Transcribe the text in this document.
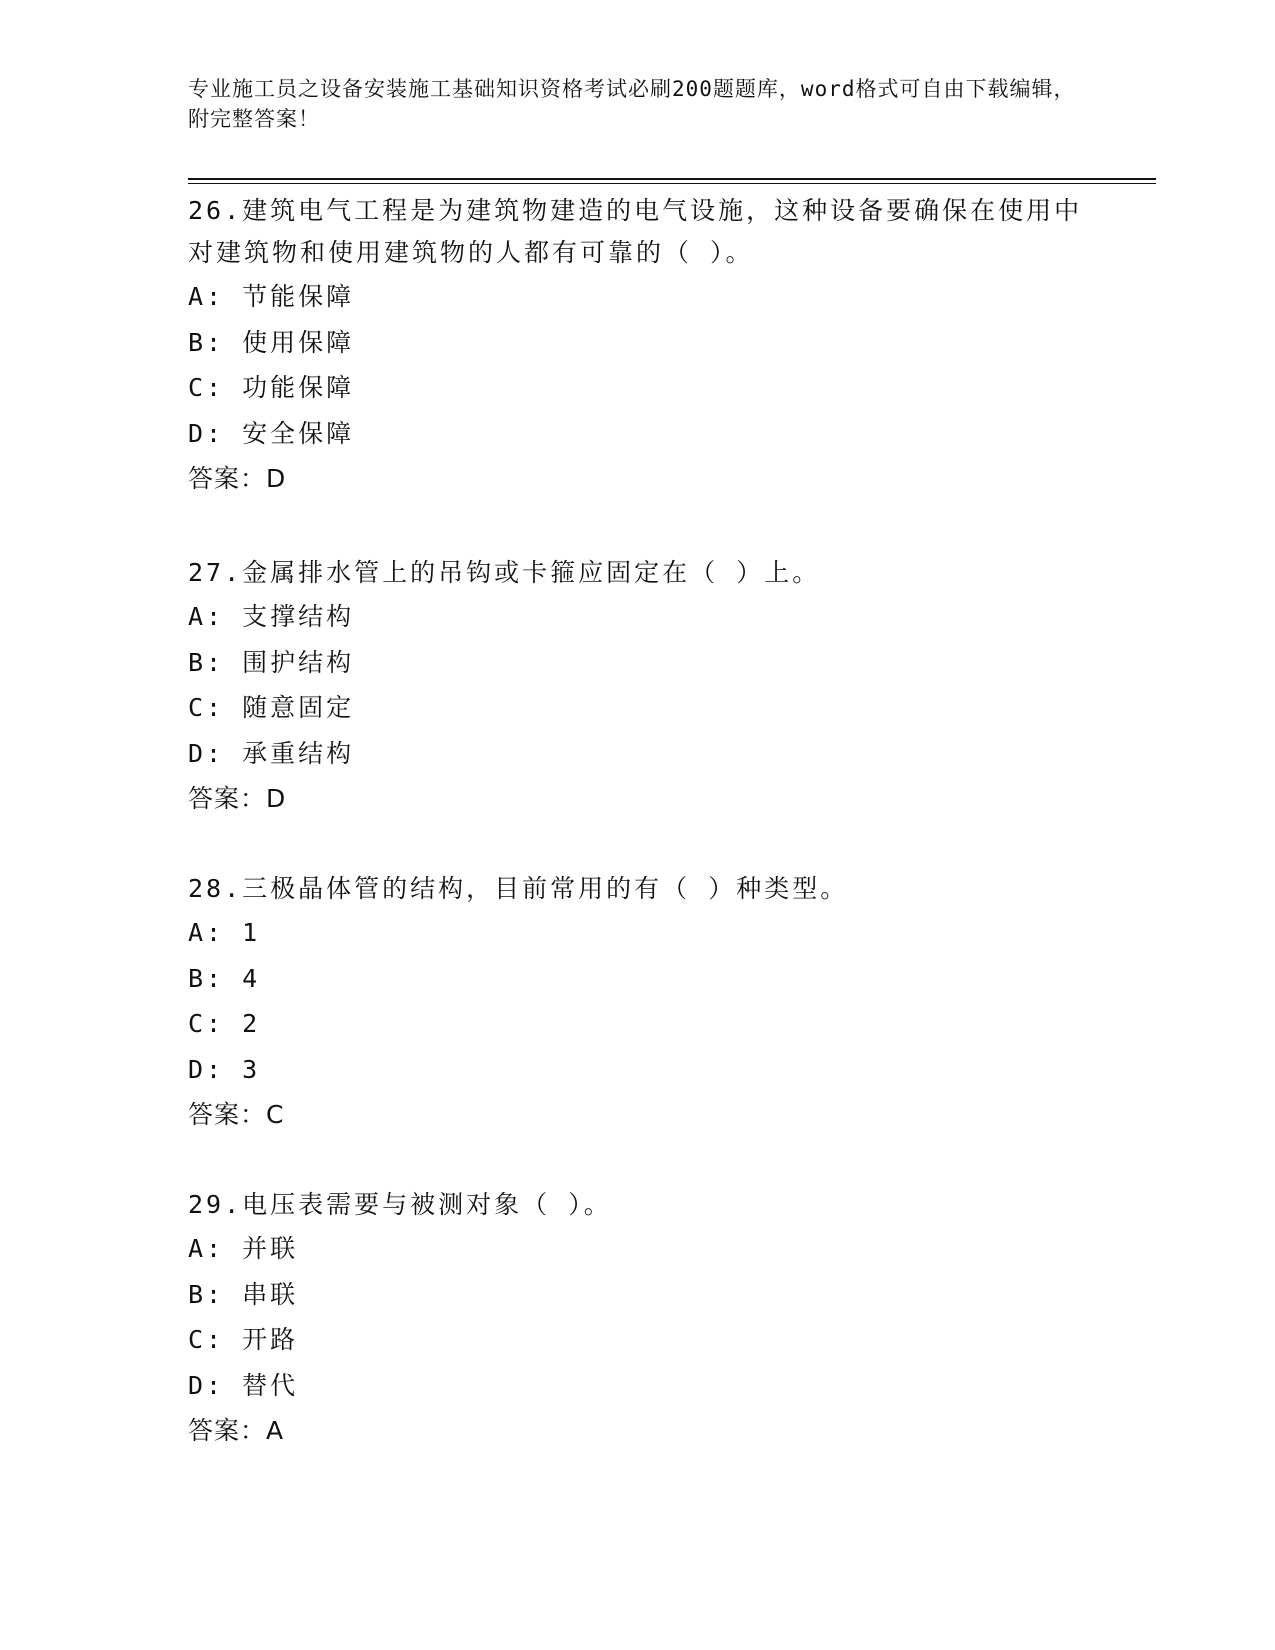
专业施工员之设备安装施工基础知识资格考试必刷200题题库，word格式可自由下载编辑，附完整答案！

26.建筑电气工程是为建筑物建造的电气设施，这种设备要确保在使用中对建筑物和使用建筑物的人都有可靠的（ ）。

A: 节能保障

B: 使用保障

C: 功能保障

D: 安全保障

答案：D

27.金属排水管上的吊钩或卡箍应固定在（ ）上。

A: 支撑结构

B: 围护结构

C: 随意固定

D: 承重结构

答案：D

28.三极晶体管的结构，目前常用的有（ ）种类型。

A: 1

B: 4

C: 2

D: 3

答案：C

29.电压表需要与被测对象（ ）。

A: 并联

B: 串联

C: 开路

D: 替代

答案：A
